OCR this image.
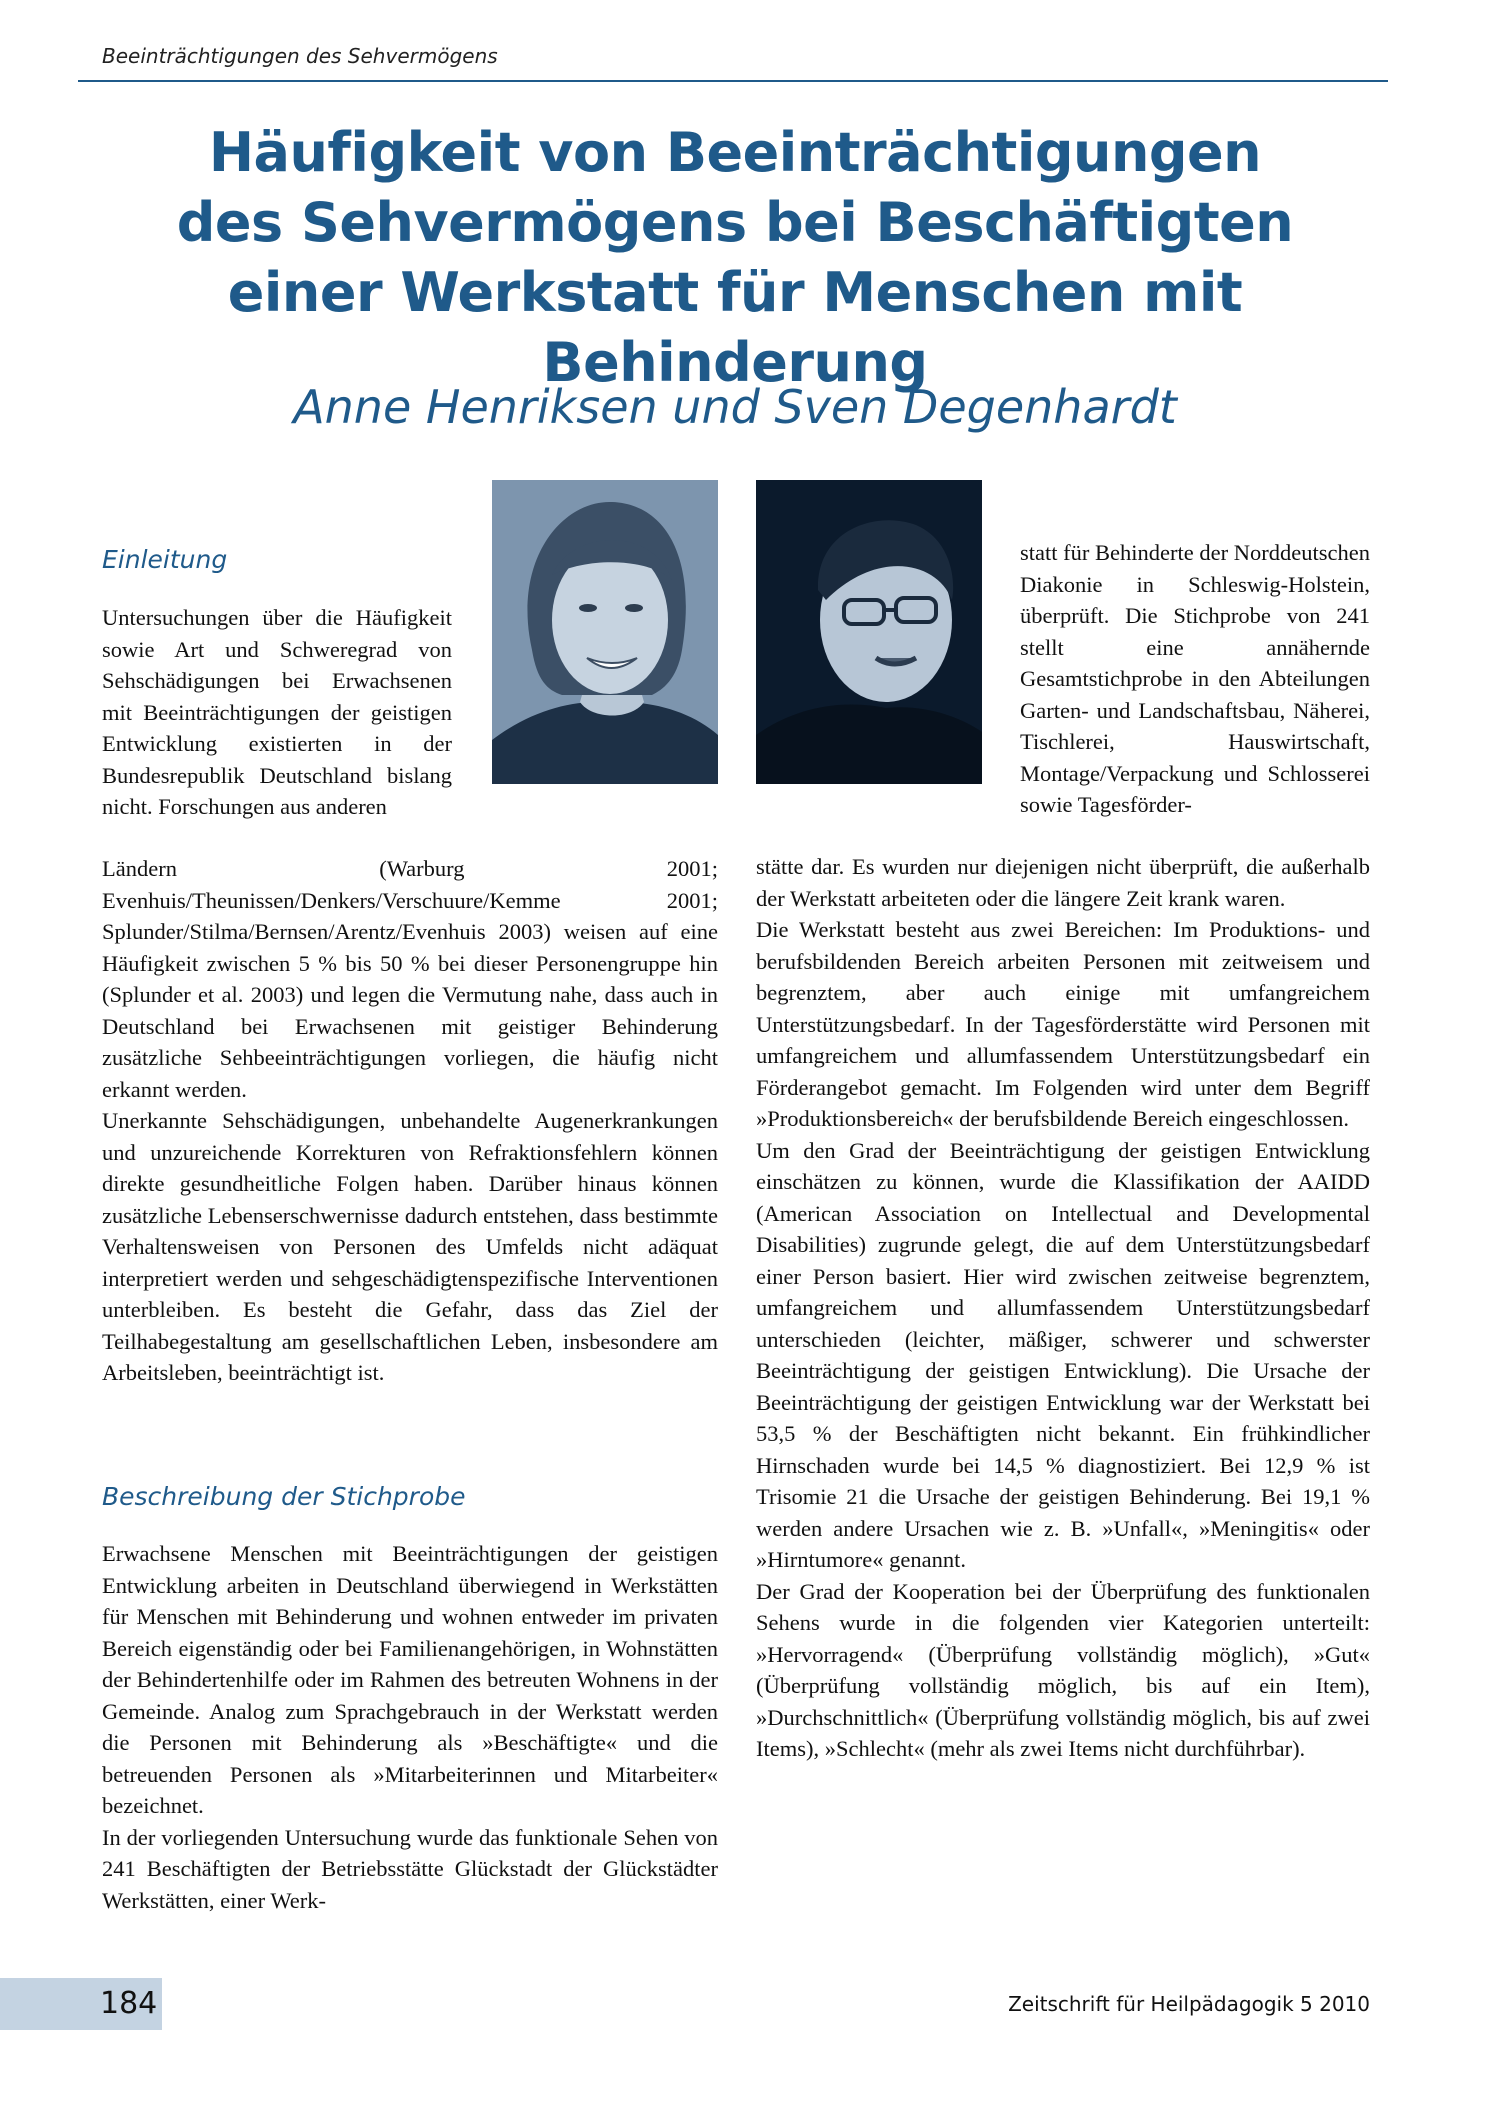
Beeinträchtigungen des Sehvermögens
Häufigkeit von Beeinträchtigungen des Sehvermögens bei Beschäftigten einer Werkstatt für Menschen mit Behinderung
Anne Henriksen und Sven Degenhardt
Einleitung

Untersuchungen über die Häufigkeit sowie Art und Schweregrad von Sehschädigungen bei Erwachsenen mit Beeinträchtigungen der geistigen Entwicklung existierten in der Bundesrepublik Deutschland bislang nicht. Forschungen aus anderen

Ländern (Warburg 2001; Evenhuis/Theunissen/Denkers/Verschuure/Kemme 2001; Splunder/Stilma/Bernsen/Arentz/Evenhuis 2003) weisen auf eine Häufigkeit zwischen 5 % bis 50 % bei dieser Personengruppe hin (Splunder et al. 2003) und legen die Vermutung nahe, dass auch in Deutschland bei Erwachsenen mit geistiger Behinderung zusätzliche Sehbeeinträchtigungen vorliegen, die häufig nicht erkannt werden.

Unerkannte Sehschädigungen, unbehandelte Augenerkrankungen und unzureichende Korrekturen von Refraktionsfehlern können direkte gesundheitliche Folgen haben. Darüber hinaus können zusätzliche Lebenserschwernisse dadurch entstehen, dass bestimmte Verhaltensweisen von Personen des Umfelds nicht adäquat interpretiert werden und sehgeschädigtenspezifische Interventionen unterbleiben. Es besteht die Gefahr, dass das Ziel der Teilhabegestaltung am gesellschaftlichen Leben, insbesondere am Arbeitsleben, beeinträchtigt ist.

Beschreibung der Stichprobe

Erwachsene Menschen mit Beeinträchtigungen der geistigen Entwicklung arbeiten in Deutschland überwiegend in Werkstätten für Menschen mit Behinderung und wohnen entweder im privaten Bereich eigenständig oder bei Familienangehörigen, in Wohnstätten der Behindertenhilfe oder im Rahmen des betreuten Wohnens in der Gemeinde. Analog zum Sprachgebrauch in der Werkstatt werden die Personen mit Behinderung als »Beschäftigte« und die betreuenden Personen als »Mitarbeiterinnen und Mitarbeiter« bezeichnet.

In der vorliegenden Untersuchung wurde das funktionale Sehen von 241 Beschäftigten der Betriebsstätte Glückstadt der Glückstädter Werkstätten, einer Werk-

statt für Behinderte der Norddeutschen Diakonie in Schleswig-Holstein, überprüft. Die Stichprobe von 241 stellt eine annähernde Gesamtstichprobe in den Abteilungen Garten- und Landschaftsbau, Näherei, Tischlerei, Hauswirtschaft, Montage/Verpackung und Schlosserei sowie Tagesförder-

stätte dar. Es wurden nur diejenigen nicht überprüft, die außerhalb der Werkstatt arbeiteten oder die längere Zeit krank waren.

Die Werkstatt besteht aus zwei Bereichen: Im Produktions- und berufsbildenden Bereich arbeiten Personen mit zeitweisem und begrenztem, aber auch einige mit umfangreichem Unterstützungsbedarf. In der Tagesförderstätte wird Personen mit umfangreichem und allumfassendem Unterstützungsbedarf ein Förderangebot gemacht. Im Folgenden wird unter dem Begriff »Produktionsbereich« der berufsbildende Bereich eingeschlossen.

Um den Grad der Beeinträchtigung der geistigen Entwicklung einschätzen zu können, wurde die Klassifikation der AAIDD (American Association on Intellectual and Developmental Disabilities) zugrunde gelegt, die auf dem Unterstützungsbedarf einer Person basiert. Hier wird zwischen zeitweise begrenztem, umfangreichem und allumfassendem Unterstützungsbedarf unterschieden (leichter, mäßiger, schwerer und schwerster Beeinträchtigung der geistigen Entwicklung). Die Ursache der Beeinträchtigung der geistigen Entwicklung war der Werkstatt bei 53,5 % der Beschäftigten nicht bekannt. Ein frühkindlicher Hirnschaden wurde bei 14,5 % diagnostiziert. Bei 12,9 % ist Trisomie 21 die Ursache der geistigen Behinderung. Bei 19,1 % werden andere Ursachen wie z. B. »Unfall«, »Meningitis« oder »Hirntumore« genannt.

Der Grad der Kooperation bei der Überprüfung des funktionalen Sehens wurde in die folgenden vier Kategorien unterteilt: »Hervorragend« (Überprüfung vollständig möglich), »Gut« (Überprüfung vollständig möglich, bis auf ein Item), »Durchschnittlich« (Überprüfung vollständig möglich, bis auf zwei Items), »Schlecht« (mehr als zwei Items nicht durchführbar).

184	Zeitschrift für Heilpädagogik 5 2010
